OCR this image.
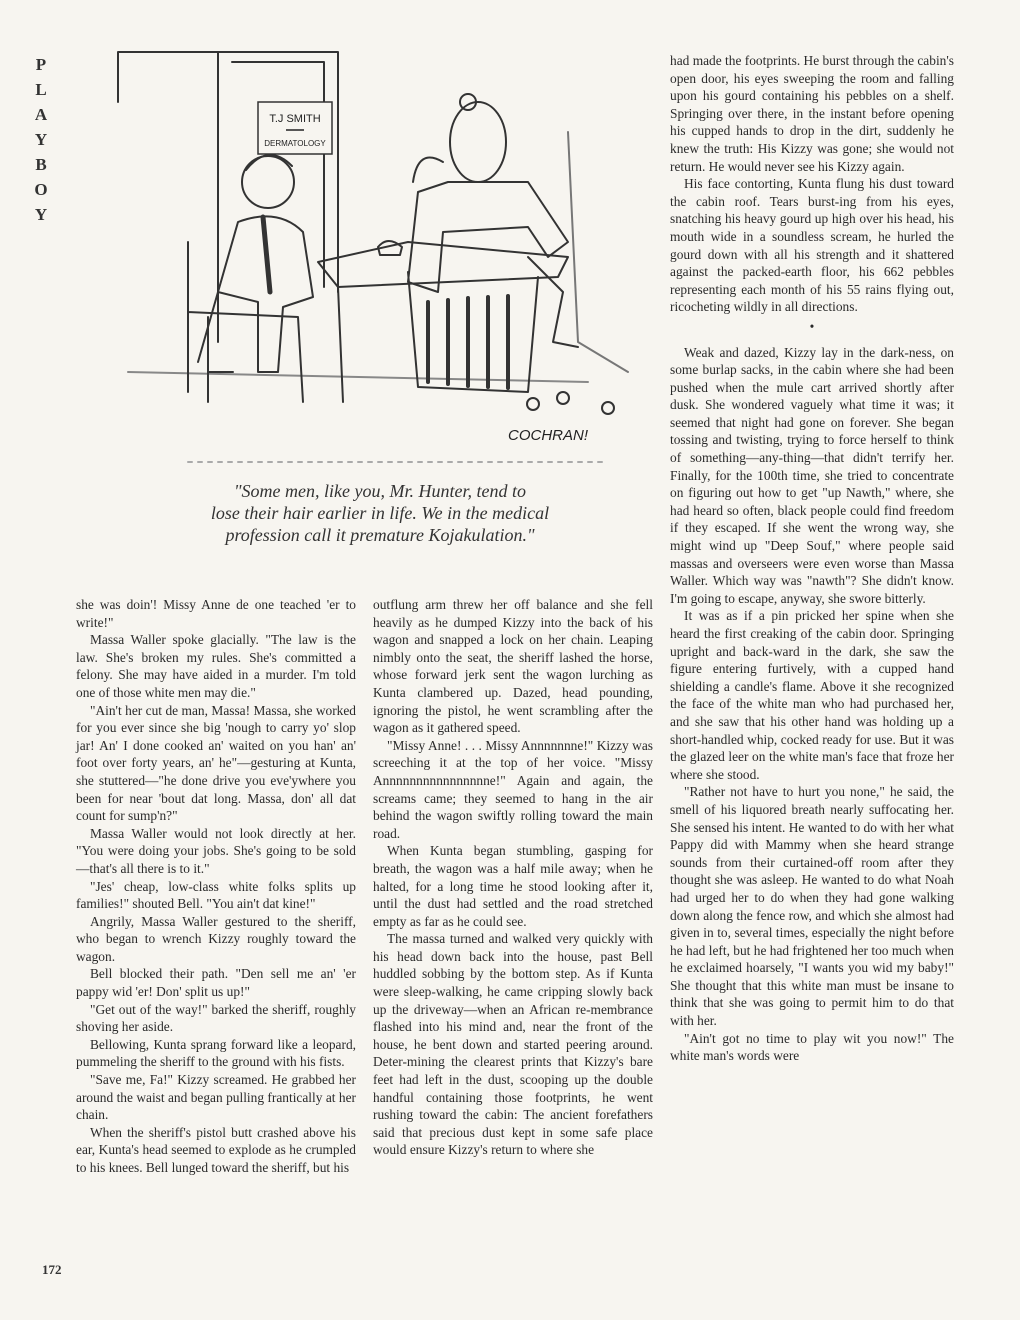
P
L
A
Y
B
O
Y
T.J SMITH
DERMATOLOGY
COCHRAN!
"Some men, like you, Mr. Hunter, tend to
lose their hair earlier in life. We in the medical
profession call it premature Kojakulation."

she was doin'! Missy Anne de one teached 'er to write!"

Massa Waller spoke glacially. "The law is the law. She's broken my rules. She's committed a felony. She may have aided in a murder. I'm told one of those white men may die."

"Ain't her cut de man, Massa! Massa, she worked for you ever since she big 'nough to carry yo' slop jar! An' I done cooked an' waited on you han' an' foot over forty years, an' he"—gesturing at Kunta, she stuttered—"he done drive you eve'ywhere you been for near 'bout dat long. Massa, don' all dat count for sump'n?"

Massa Waller would not look directly at her. "You were doing your jobs. She's going to be sold—that's all there is to it."

"Jes' cheap, low-class white folks splits up families!" shouted Bell. "You ain't dat kine!"

Angrily, Massa Waller gestured to the sheriff, who began to wrench Kizzy roughly toward the wagon.

Bell blocked their path. "Den sell me an' 'er pappy wid 'er! Don' split us up!"

"Get out of the way!" barked the sheriff, roughly shoving her aside.

Bellowing, Kunta sprang forward like a leopard, pummeling the sheriff to the ground with his fists.

"Save me, Fa!" Kizzy screamed. He grabbed her around the waist and began pulling frantically at her chain.

When the sheriff's pistol butt crashed above his ear, Kunta's head seemed to explode as he crumpled to his knees. Bell lunged toward the sheriff, but his

outflung arm threw her off balance and she fell heavily as he dumped Kizzy into the back of his wagon and snapped a lock on her chain. Leaping nimbly onto the seat, the sheriff lashed the horse, whose forward jerk sent the wagon lurching as Kunta clambered up. Dazed, head pounding, ignoring the pistol, he went scrambling after the wagon as it gathered speed.

"Missy Anne! . . . Missy Annnnnnne!" Kizzy was screeching it at the top of her voice. "Missy Annnnnnnnnnnnnnnne!" Again and again, the screams came; they seemed to hang in the air behind the wagon swiftly rolling toward the main road.

When Kunta began stumbling, gasping for breath, the wagon was a half mile away; when he halted, for a long time he stood looking after it, until the dust had settled and the road stretched empty as far as he could see.

The massa turned and walked very quickly with his head down back into the house, past Bell huddled sobbing by the bottom step. As if Kunta were sleep-walking, he came cripping slowly back up the driveway—when an African re-membrance flashed into his mind and, near the front of the house, he bent down and started peering around. Deter-mining the clearest prints that Kizzy's bare feet had left in the dust, scooping up the double handful containing those footprints, he went rushing toward the cabin: The ancient forefathers said that precious dust kept in some safe place would ensure Kizzy's return to where she

had made the footprints. He burst through the cabin's open door, his eyes sweeping the room and falling upon his gourd containing his pebbles on a shelf. Springing over there, in the instant before opening his cupped hands to drop in the dirt, suddenly he knew the truth: His Kizzy was gone; she would not return. He would never see his Kizzy again.

His face contorting, Kunta flung his dust toward the cabin roof. Tears burst-ing from his eyes, snatching his heavy gourd up high over his head, his mouth wide in a soundless scream, he hurled the gourd down with all his strength and it shattered against the packed-earth floor, his 662 pebbles representing each month of his 55 rains flying out, ricocheting wildly in all directions.

•

Weak and dazed, Kizzy lay in the dark-ness, on some burlap sacks, in the cabin where she had been pushed when the mule cart arrived shortly after dusk. She wondered vaguely what time it was; it seemed that night had gone on forever. She began tossing and twisting, trying to force herself to think of something—any-thing—that didn't terrify her. Finally, for the 100th time, she tried to concentrate on figuring out how to get "up Nawth," where, she had heard so often, black people could find freedom if they escaped. If she went the wrong way, she might wind up "Deep Souf," where people said massas and overseers were even worse than Massa Waller. Which way was "nawth"? She didn't know. I'm going to escape, anyway, she swore bitterly.

It was as if a pin pricked her spine when she heard the first creaking of the cabin door. Springing upright and back-ward in the dark, she saw the figure entering furtively, with a cupped hand shielding a candle's flame. Above it she recognized the face of the white man who had purchased her, and she saw that his other hand was holding up a short-handled whip, cocked ready for use. But it was the glazed leer on the white man's face that froze her where she stood.

"Rather not have to hurt you none," he said, the smell of his liquored breath nearly suffocating her. She sensed his intent. He wanted to do with her what Pappy did with Mammy when she heard strange sounds from their curtained-off room after they thought she was asleep. He wanted to do what Noah had urged her to do when they had gone walking down along the fence row, and which she almost had given in to, several times, especially the night before he had left, but he had frightened her too much when he exclaimed hoarsely, "I wants you wid my baby!" She thought that this white man must be insane to think that she was going to permit him to do that with her.

"Ain't got no time to play wit you now!" The white man's words were

172
